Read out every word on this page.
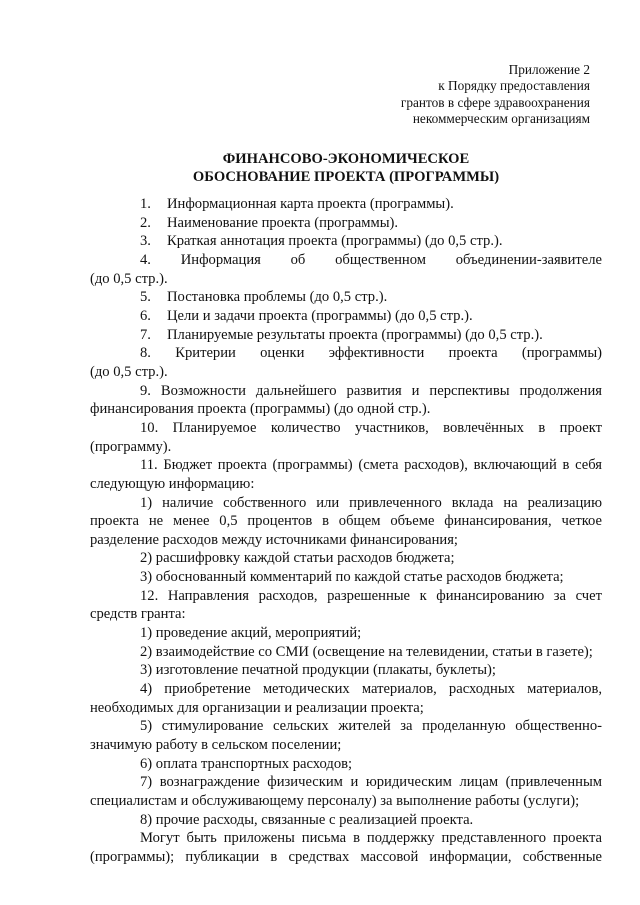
Приложение 2
к Порядку предоставления
грантов в сфере здравоохранения
некоммерческим организациям
ФИНАНСОВО-ЭКОНОМИЧЕСКОЕ
ОБОСНОВАНИЕ ПРОЕКТА (ПРОГРАММЫ)

1. Информационная карта проекта (программы).

2. Наименование проекта (программы).

3. Краткая аннотация проекта (программы) (до 0,5 стр.).

4. Информация об общественном объединении-заявителе

(до 0,5 стр.).

5. Постановка проблемы (до 0,5 стр.).

6. Цели и задачи проекта (программы) (до 0,5 стр.).

7. Планируемые результаты проекта (программы) (до 0,5 стр.).

8. Критерии оценки эффективности проекта (программы)

(до 0,5 стр.).

9. Возможности дальнейшего развития и перспективы продолжения финансирования проекта (программы) (до одной стр.).

10. Планируемое количество участников, вовлечённых в проект (программу).

11. Бюджет проекта (программы) (смета расходов), включающий в себя следующую информацию:

1) наличие собственного или привлеченного вклада на реализацию проекта не менее 0,5 процентов в общем объеме финансирования, четкое разделение расходов между источниками финансирования;

2) расшифровку каждой статьи расходов бюджета;

3) обоснованный комментарий по каждой статье расходов бюджета;

12. Направления расходов, разрешенные к финансированию за счет средств гранта:

1) проведение акций, мероприятий;

2) взаимодействие со СМИ (освещение на телевидении, статьи в газете);

3) изготовление печатной продукции (плакаты, буклеты);

4) приобретение методических материалов, расходных материалов, необходимых для организации и реализации проекта;

5) стимулирование сельских жителей за проделанную общественно-значимую работу в сельском поселении;

6) оплата транспортных расходов;

7) вознаграждение физическим и юридическим лицам (привлеченным специалистам и обслуживающему персоналу) за выполнение работы (услуги);

8) прочие расходы, связанные с реализацией проекта.

Могут быть приложены письма в поддержку представленного проекта (программы); публикации в средствах массовой информации, собственные
